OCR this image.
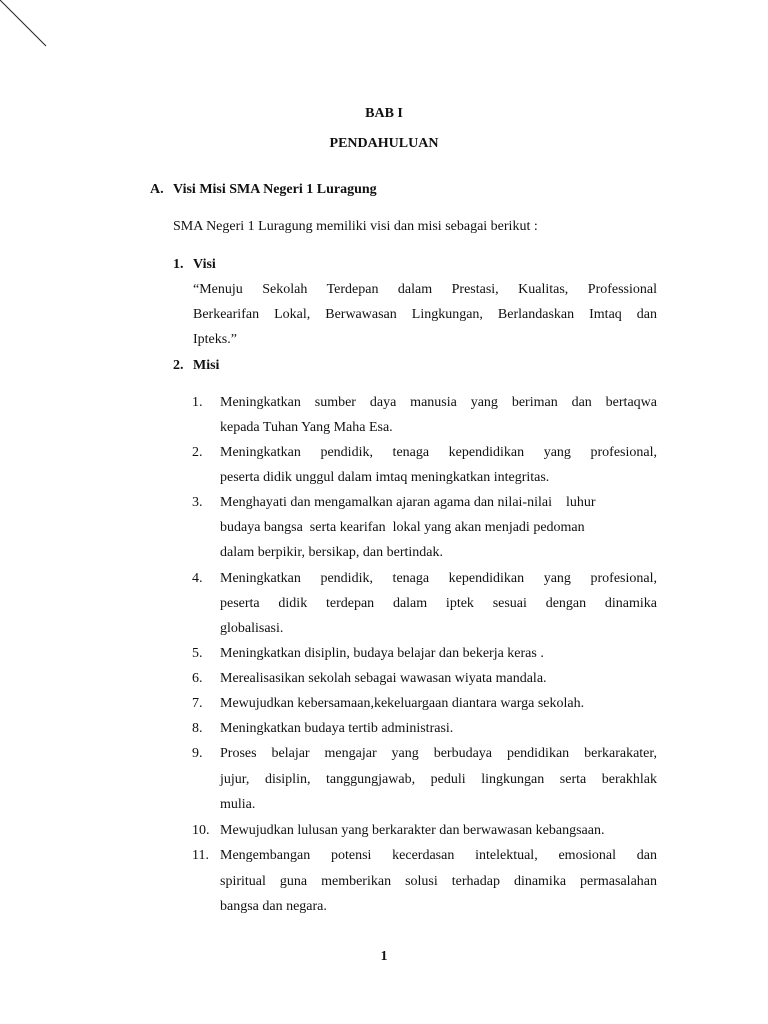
BAB I
PENDAHULUAN
A. Visi Misi SMA Negeri 1 Luragung
SMA Negeri 1 Luragung memiliki visi dan misi sebagai berikut :
1. Visi
“Menuju Sekolah Terdepan dalam Prestasi, Kualitas, Professional
Berkearifan Lokal, Berwawasan Lingkungan, Berlandaskan Imtaq dan
Ipteks.”
2. Misi
1. Meningkatkan sumber daya manusia yang beriman dan bertaqwa
kepada Tuhan Yang Maha Esa.
2. Meningkatkan pendidik, tenaga kependidikan yang profesional,
peserta didik unggul dalam imtaq meningkatkan integritas.
3. Menghayati dan mengamalkan ajaran agama dan nilai-nilai    luhur
budaya bangsa  serta kearifan  lokal yang akan menjadi pedoman
dalam berpikir, bersikap, dan bertindak.
4. Meningkatkan pendidik, tenaga kependidikan yang profesional,
peserta didik terdepan dalam iptek sesuai dengan dinamika
globalisasi.
5. Meningkatkan disiplin, budaya belajar dan bekerja keras .
6. Merealisasikan sekolah sebagai wawasan wiyata mandala.
7. Mewujudkan kebersamaan,kekeluargaan diantara warga sekolah.
8. Meningkatkan budaya tertib administrasi.
9. Proses belajar mengajar yang berbudaya pendidikan berkarakater,
jujur, disiplin, tanggungjawab, peduli lingkungan serta berakhlak
mulia.
10. Mewujudkan lulusan yang berkarakter dan berwawasan kebangsaan.
11. Mengembangan potensi kecerdasan intelektual, emosional dan
spiritual guna memberikan solusi terhadap dinamika permasalahan
bangsa dan negara.
1
